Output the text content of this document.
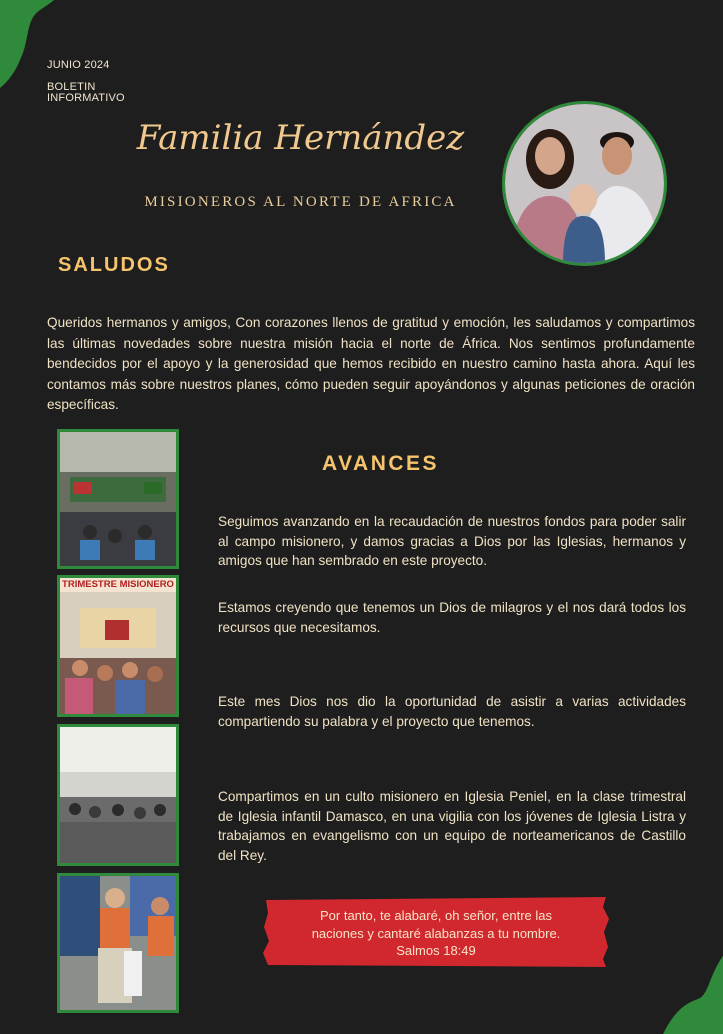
JUNIO 2024
BOLETIN
INFORMATIVO
Familia Hernández
MISIONEROS AL NORTE DE AFRICA
SALUDOS
Queridos hermanos y amigos, Con corazones llenos de gratitud y emoción, les saludamos y compartimos las últimas novedades sobre nuestra misión hacia el norte de África. Nos sentimos profundamente bendecidos por el apoyo y la generosidad que hemos recibido en nuestro camino hasta ahora. Aquí les contamos más sobre nuestros planes, cómo pueden seguir apoyándonos y algunas peticiones de oración específicas.
TRIMESTRE MISIONERO
AVANCES
Seguimos avanzando en la recaudación de nuestros fondos para poder salir al campo misionero, y damos gracias a Dios por las Iglesias, hermanos y amigos que han sembrado en este proyecto.
Estamos creyendo que tenemos un Dios de milagros y el nos dará todos los recursos que necesitamos.
Este mes Dios nos dio la oportunidad de asistir a varias actividades compartiendo su palabra y el proyecto que tenemos.
Compartimos en un culto misionero en Iglesia Peniel, en la clase trimestral de Iglesia infantil Damasco, en una vigilia con los jóvenes de Iglesia Listra y trabajamos en evangelismo con un equipo de norteamericanos de Castillo del Rey.
Por tanto, te alabaré, oh señor, entre las
naciones y cantaré alabanzas a tu nombre.
Salmos 18:49
